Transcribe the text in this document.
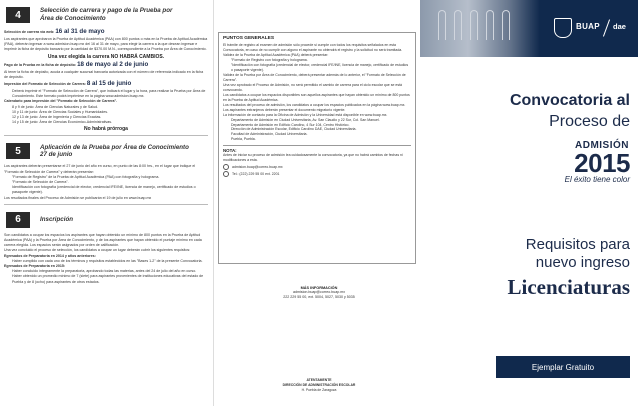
4	Selección de carrera y pago de la Prueba por
Área de Conocimiento
Selección de carrera vía web: 16 al 31 de mayo
Los aspirantes que aprobaron la Prueba de Aptitud Académica (PAA) con 800 puntos o más en la Prueba de Aptitud Académica (PAA), deberán ingresar a www.admision.buap.mx del 16 al 31 de mayo, para elegir la carrera a la que desean ingresar e imprimir la ficha de depósito bancario por la cantidad de $370.00 M.N., correspondiente a la Prueba por Área de Conocimiento.
Una vez elegida la carrera NO HABRÁ CAMBIOS.
Pago de la Prueba en la ficha de depósito: 18 de mayo al 2 de junio
Al tener la ficha de depósito, acuda a cualquier sucursal bancaria autorizada con el número de referencia indicado en la ficha de depósito.
Impresión del Formato de Selección de Carrera: 8 al 15 de junio
Deberá imprimir el "Formato de Selección de Carrera", que indicará el lugar y la hora, para realizar la Prueba por Área de Conocimiento. Este formato podrá imprimirse en la página www.admision.buap.mx.
Calendario para impresión del "Formato de Selección de Carrera".
8 y 9 de junio: Área de Ciencias Naturales y de Salud.
10 y 11 de junio: Área de Ciencias Sociales y Humanidades.
12 y 13 de junio: Área de Ingeniería y Ciencias Exactas.
14 y 15 de junio: Área de Ciencias Económico-Administrativas.
No habrá prórroga
5	Aplicación de la Prueba por Área de Conocimiento
27 de junio
Los aspirantes deberán presentarse el 27 de junio del año en curso, en punto de las 8:00 hrs., en el lugar que indique el "Formato de Selección de Carrera" y deberán presentar:
"Formato de Registro" de la Prueba de Aptitud Académica (PAA) con fotografía y holograma.
"Formato de Selección de Carrera".
Identificación con fotografía (credencial de elector, credencial IFE/INE, licencia de manejo, certificado de estudios o pasaporte vigente).
Los resultados finales del Proceso de Admisión se publicarán el 19 de julio en www.buap.mx
6	Inscripción
Son candidatos a ocupar los espacios los aspirantes que hayan obtenido un mínimo de 800 puntos en la Prueba de Aptitud Académica (PAA) y la Prueba por Área de Conocimiento, y de los aspirantes que hayan obtenido el puntaje mínimo en cada carrera elegida. Los espacios serán asignados por orden de calificación.
Una vez concluido el proceso de selección, los candidatos a ocupar un lugar deberán cubrir los siguientes requisitos:
Egresados de Preparatoria en 2014 y años anteriores:
Haber cumplido con cada uno de los términos y requisitos establecidos en las "Bases 1-2" de la presente Convocatoria.
Egresados de Preparatoria en 2015:
Haber concluido íntegramente la preparatoria, aprobando todas las materias, antes del 24 de julio del año en curso.
Haber obtenido un promedio mínimo de 7 (siete) para aspirantes provenientes de instituciones educativas del estado de Puebla y de 8 (ocho) para aspirantes de otros estados.
PUNTOS GENERALES
El trámite de registro al examen de admisión sólo procede si cumple con todos los requisitos señalados en esta Convocatoria, en caso de no cumplir con alguno el aspirante no obtendrá el registro y la solicitud no será tramitada.
Validez de la Prueba de Aptitud Académica (PAA) deberá presentar:
"Formato de Registro con fotografía y holograma.
"Identificación con fotografía (credencial de elector, credencial IFE/INE, licencia de manejo, certificado de estudios o pasaporte vigente).
Validez de la Prueba por Área de Conocimiento, deberá presentar además de lo anterior, el "Formato de Selección de Carrera".
Una vez aprobado el Proceso de Admisión, no será permitido el cambio de carrera para el ciclo escolar que se está convocando.
Los candidatos a ocupar los espacios disponibles son aquellos aspirantes que hayan obtenido un mínimo de 800 puntos en la Prueba de Aptitud Académica.
Los resultados del proceso de admisión, los candidatos a ocupar los espacios publicados en la página www.buap.mx.
Los aspirantes extranjeros deberán presentar el documento migratorio vigente.
La información de contacto para la Oficina de Admisión y la Universidad está disponible en www.buap.mx.
Departamento de Admisión en Ciudad Universitaria, Av. San Claudio y 22 Sur, Col. San Manuel.
Departamento de Admisión en Edificio Carolino, 4 Sur 104, Centro Histórico.
Dirección de Administración Escolar, Edificio Carolino DAE, Ciudad Universitaria.
Facultad de Administración, Ciudad Universitaria.
Puebla, Puebla.
NOTA:
Antes de iniciar su proceso de admisión lea cuidadosamente la convocatoria, ya que no habrá cambios de fechas ni modificaciones a esta.
admision.buap@correo.buap.mx
Tel.: (222) 229 55 00 ext. 2201
MÁS INFORMACIÓN
admision.buap@correo.buap.mx
222 229 55 00, ext. 5004, 5027, 5030 y 5035
ATENTAMENTE
DIRECCIÓN DE ADMINISTRACIÓN ESCOLAR
H. Puebla de Zaragoza
BUAP dae
Convocatoria al
Proceso de
ADMISIÓN
2015
El éxito tiene color
Requisitos para
nuevo ingreso
Licenciaturas
Ejemplar Gratuito
